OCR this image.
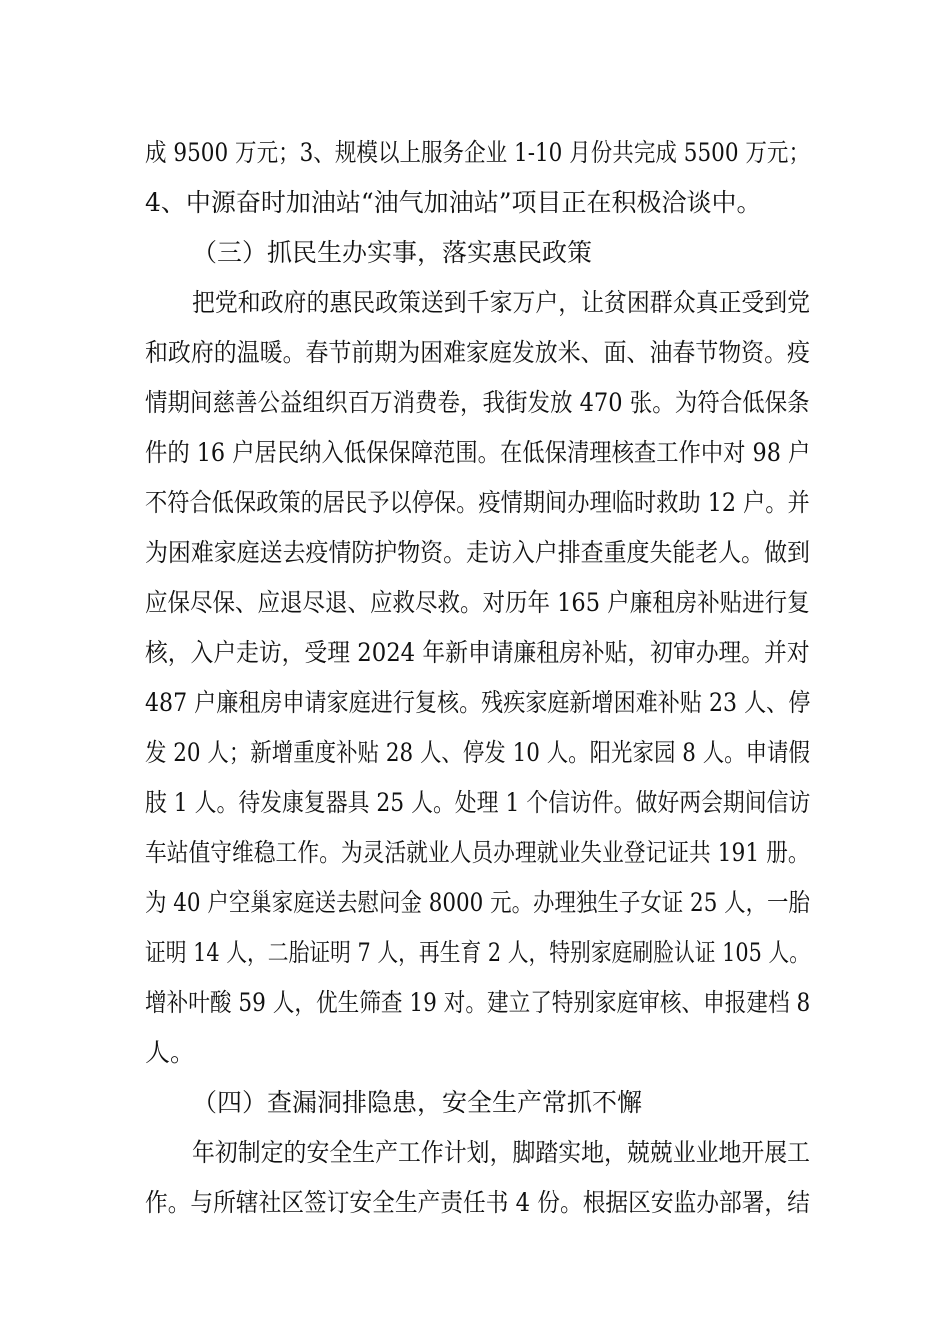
成 9500 万元；3、规模以上服务企业 1-10 月份共完成 5500 万元；

4、中源奋时加油站“油气加油站”项目正在积极洽谈中。

（三）抓民生办实事，落实惠民政策

把党和政府的惠民政策送到千家万户，让贫困群众真正受到党

和政府的温暖。春节前期为困难家庭发放米、面、油春节物资。疫

情期间慈善公益组织百万消费卷，我街发放 470 张。为符合低保条

件的 16 户居民纳入低保保障范围。在低保清理核查工作中对 98 户

不符合低保政策的居民予以停保。疫情期间办理临时救助 12 户。并

为困难家庭送去疫情防护物资。走访入户排查重度失能老人。做到

应保尽保、应退尽退、应救尽救。对历年 165 户廉租房补贴进行复

核，入户走访，受理 2024 年新申请廉租房补贴，初审办理。并对

487 户廉租房申请家庭进行复核。残疾家庭新增困难补贴 23 人、停

发 20 人；新增重度补贴 28 人、停发 10 人。阳光家园 8 人。申请假

肢 1 人。待发康复器具 25 人。处理 1 个信访件。做好两会期间信访

车站值守维稳工作。为灵活就业人员办理就业失业登记证共 191 册。

为 40 户空巢家庭送去慰问金 8000 元。办理独生子女证 25 人，一胎

证明 14 人，二胎证明 7 人，再生育 2 人，特别家庭刷脸认证 105 人。

增补叶酸 59 人，优生筛查 19 对。建立了特别家庭审核、申报建档 8

人。

（四）查漏洞排隐患，安全生产常抓不懈

年初制定的安全生产工作计划，脚踏实地，兢兢业业地开展工

作。与所辖社区签订安全生产责任书 4 份。根据区安监办部署，结
